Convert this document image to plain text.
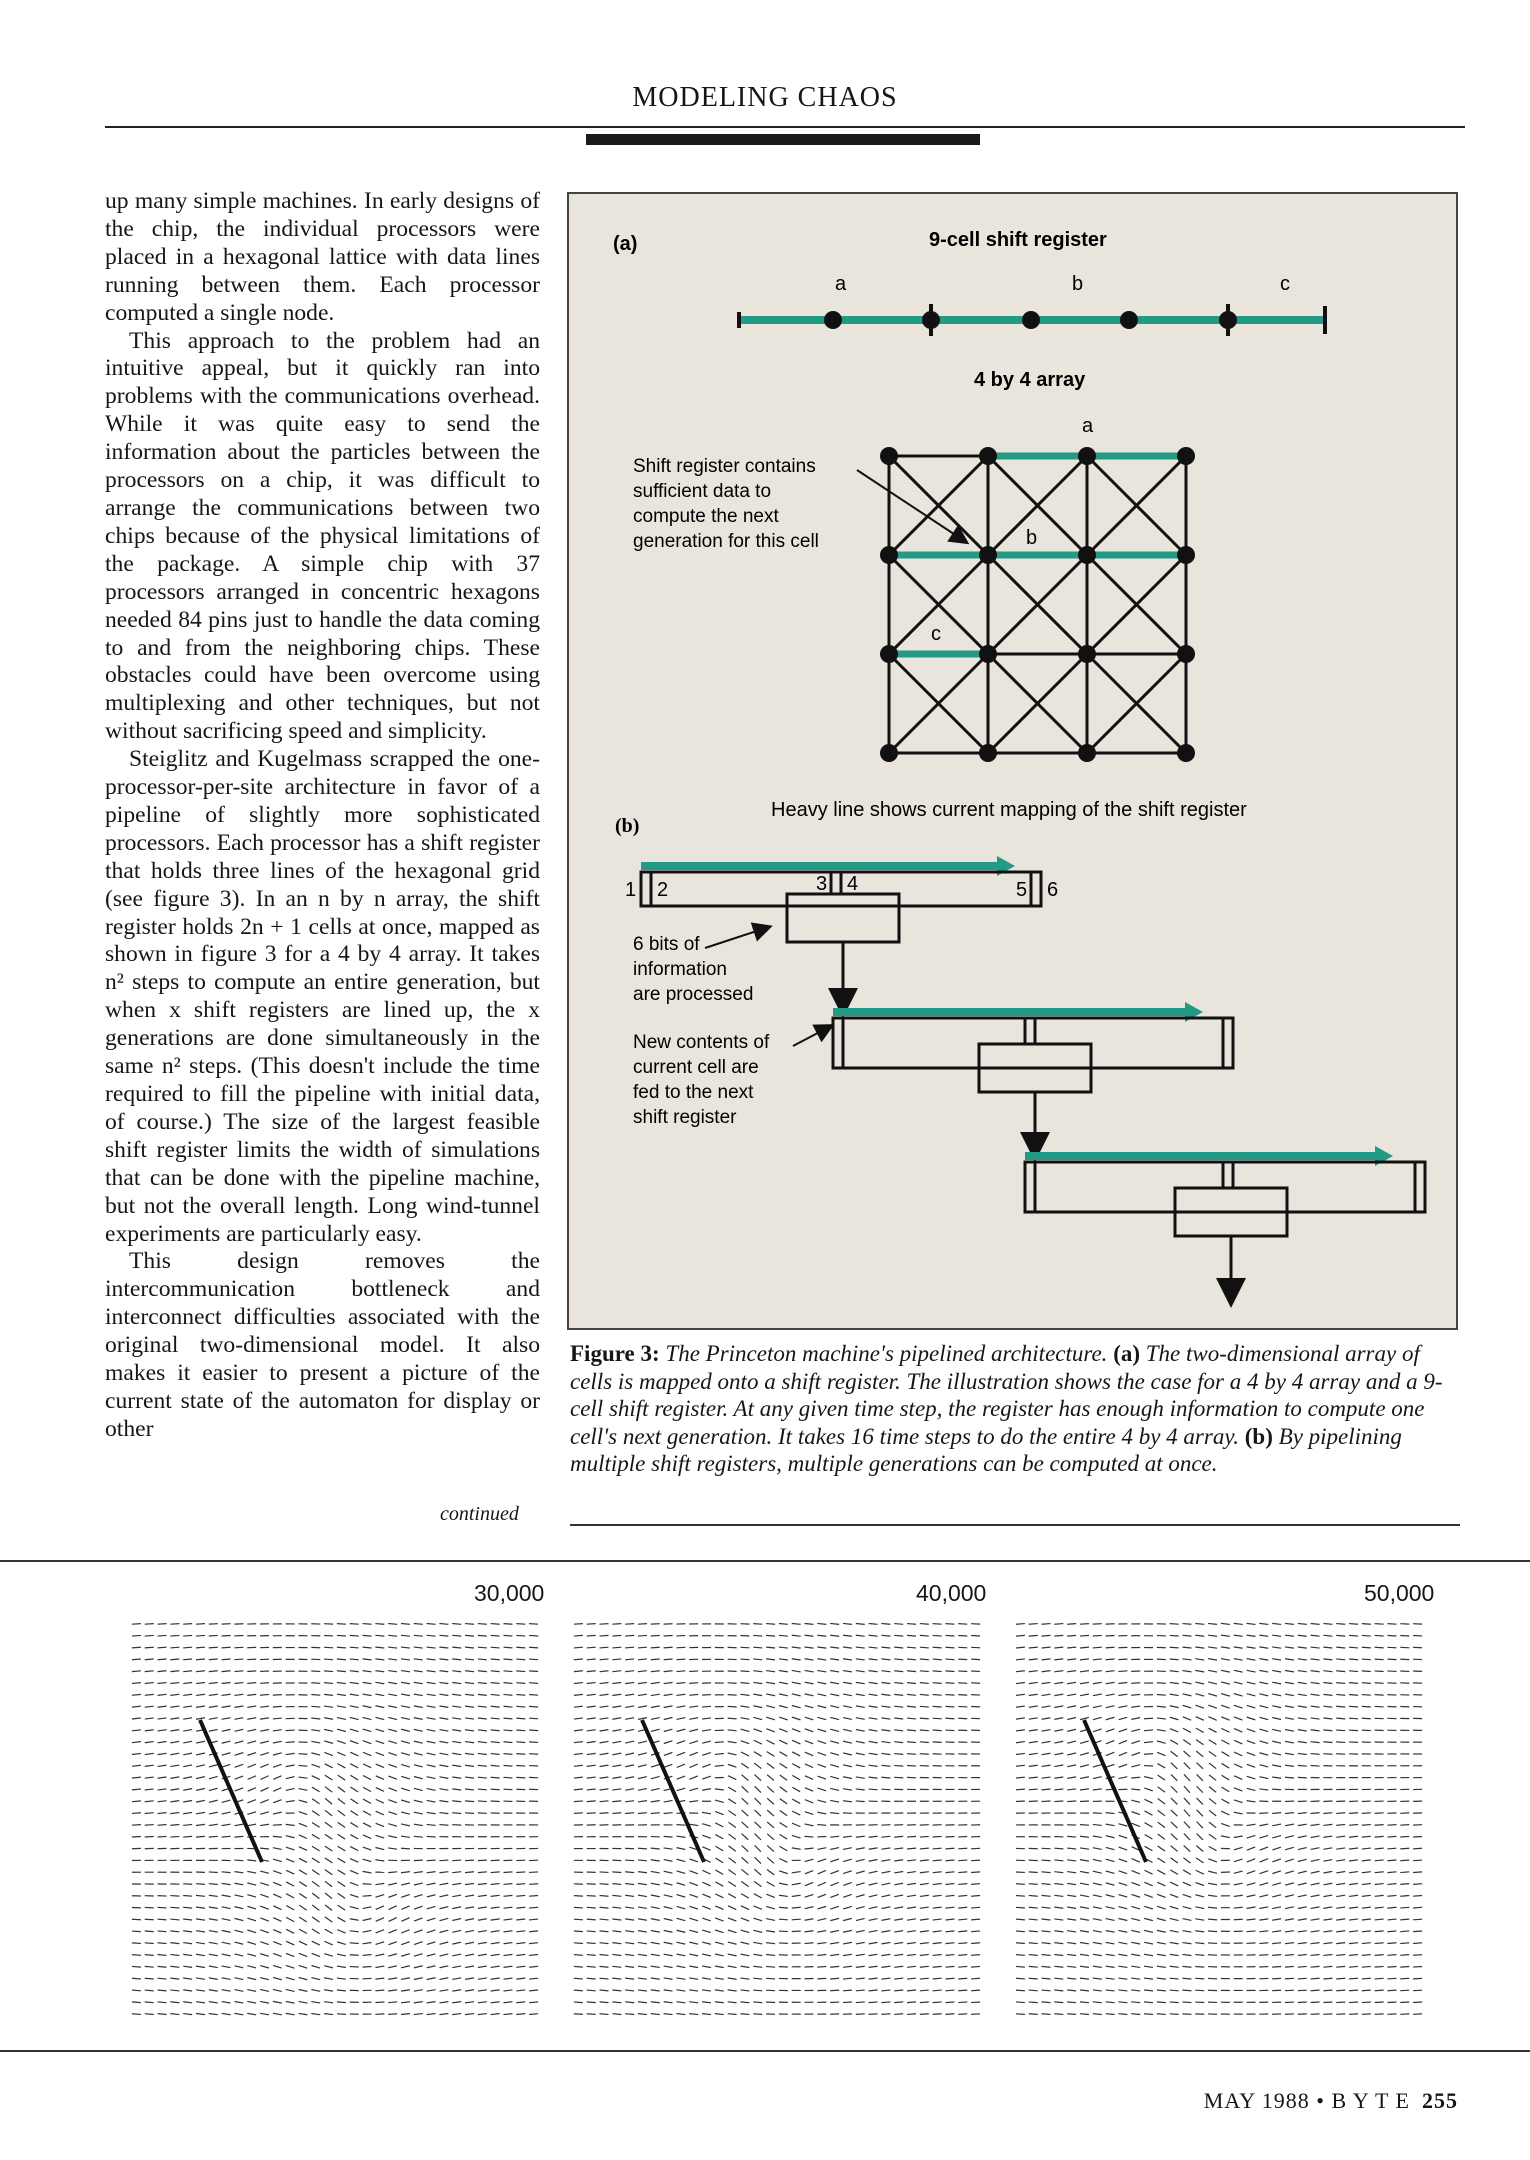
MODELING CHAOS

up many simple machines. In early designs of the chip, the individual processors were placed in a hexagonal lattice with data lines running between them. Each processor computed a single node.

This approach to the problem had an intuitive appeal, but it quickly ran into problems with the communications overhead. While it was quite easy to send the information about the particles between the processors on a chip, it was difficult to arrange the communications between two chips because of the physical limitations of the package. A simple chip with 37 processors arranged in concentric hexagons needed 84 pins just to handle the data coming to and from the neighboring chips. These obstacles could have been overcome using multiplexing and other techniques, but not without sacrificing speed and simplicity.

Steiglitz and Kugelmass scrapped the one-processor-per-site architecture in favor of a pipeline of slightly more sophisticated processors. Each processor has a shift register that holds three lines of the hexagonal grid (see figure 3). In an n by n array, the shift register holds 2n + 1 cells at once, mapped as shown in figure 3 for a 4 by 4 array. It takes n² steps to compute an entire generation, but when x shift registers are lined up, the x generations are done simultaneously in the same n² steps. (This doesn't include the time required to fill the pipeline with initial data, of course.) The size of the largest feasible shift register limits the width of simulations that can be done with the pipeline machine, but not the overall length. Long wind-tunnel experiments are particularly easy.

This design removes the intercommunication bottleneck and interconnect difficulties associated with the original two-dimensional model. It also makes it easier to present a picture of the current state of the automaton for display or other

continued
(a)	9-cell shift register
a	b	c
4 by 4 array
Shift register contains
sufficient data to
compute the next
generation for this cell
a
b
c
(b)
Heavy line shows current mapping of the shift register
1 2	3 4	5 6
6 bits of
information
are processed
New contents of
current cell are
fed to the next
shift register
Figure 3: The Princeton machine's pipelined architecture. (a) The two-dimensional array of cells is mapped onto a shift register. The illustration shows the case for a 4 by 4 array and a 9-cell shift register. At any given time step, the register has enough information to compute one cell's next generation. It takes 16 time steps to do the entire 4 by 4 array. (b) By pipelining multiple shift registers, multiple generations can be computed at once.
30,000	40,000	50,000
MAY 1988 • B Y T E 255
